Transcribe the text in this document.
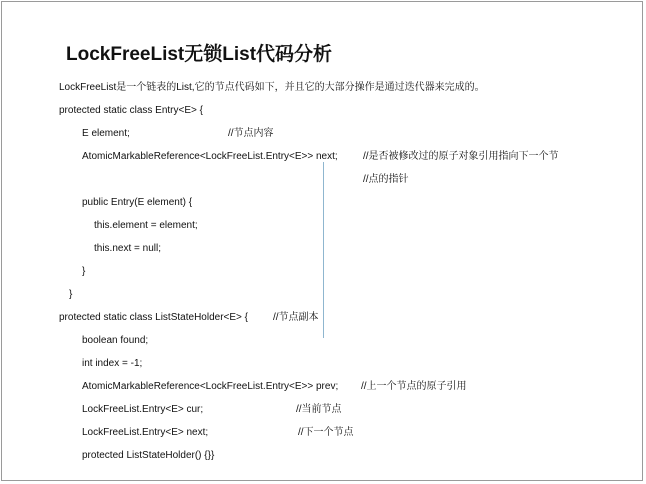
LockFreeList无锁List代码分析
LockFreeList是一个链表的List,它的节点代码如下，并且它的大部分操作是通过迭代器来完成的。
protected static class Entry<E> {
E element;	//节点内容
AtomicMarkableReference<LockFreeList.Entry<E>> next;	//是否被修改过的原子对象引用指向下一个节
//点的指针
public Entry(E element) {
this.element = element;
this.next = null;
}
}
protected static class ListStateHolder<E> {	//节点副本
boolean found;
int index = -1;
AtomicMarkableReference<LockFreeList.Entry<E>> prev; //上一个节点的原子引用
LockFreeList.Entry<E> cur;	//当前节点
LockFreeList.Entry<E> next;	//下一个节点
protected ListStateHolder() {}}
